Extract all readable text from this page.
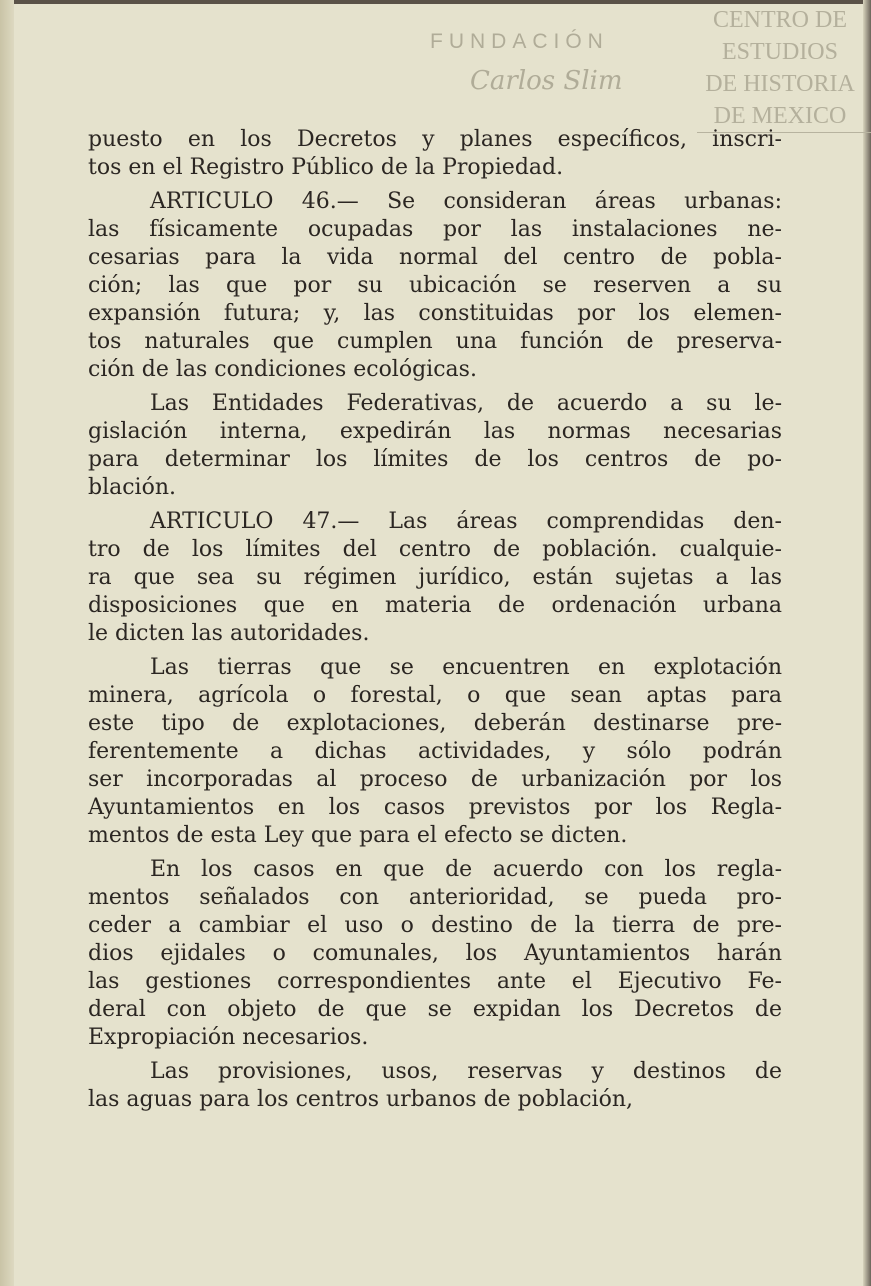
CENTRO DE
ESTUDIOS
DE HISTORIA
DE MEXICO
FUNDACIÓN
Carlos Slim
puesto en los Decretos y planes específicos, inscri-
tos en el Registro Público de la Propiedad.
ARTICULO 46.— Se consideran áreas urbanas:
las físicamente ocupadas por las instalaciones ne-
cesarias para la vida normal del centro de pobla-
ción; las que por su ubicación se reserven a su
expansión futura; y, las constituidas por los elemen-
tos naturales que cumplen una función de preserva-
ción de las condiciones ecológicas.
Las Entidades Federativas, de acuerdo a su le-
gislación interna, expedirán las normas necesarias
para determinar los límites de los centros de po-
blación.
ARTICULO 47.— Las áreas comprendidas den-
tro de los límites del centro de población. cualquie-
ra que sea su régimen jurídico, están sujetas a las
disposiciones que en materia de ordenación urbana
le dicten las autoridades.
Las tierras que se encuentren en explotación
minera, agrícola o forestal, o que sean aptas para
este tipo de explotaciones, deberán destinarse pre-
ferentemente a dichas actividades, y sólo podrán
ser incorporadas al proceso de urbanización por los
Ayuntamientos en los casos previstos por los Regla-
mentos de esta Ley que para el efecto se dicten.
En los casos en que de acuerdo con los regla-
mentos señalados con anterioridad, se pueda pro-
ceder a cambiar el uso o destino de la tierra de pre-
dios ejidales o comunales, los Ayuntamientos harán
las gestiones correspondientes ante el Ejecutivo Fe-
deral con objeto de que se expidan los Decretos de
Expropiación necesarios.
Las provisiones, usos, reservas y destinos de
las aguas para los centros urbanos de población,
